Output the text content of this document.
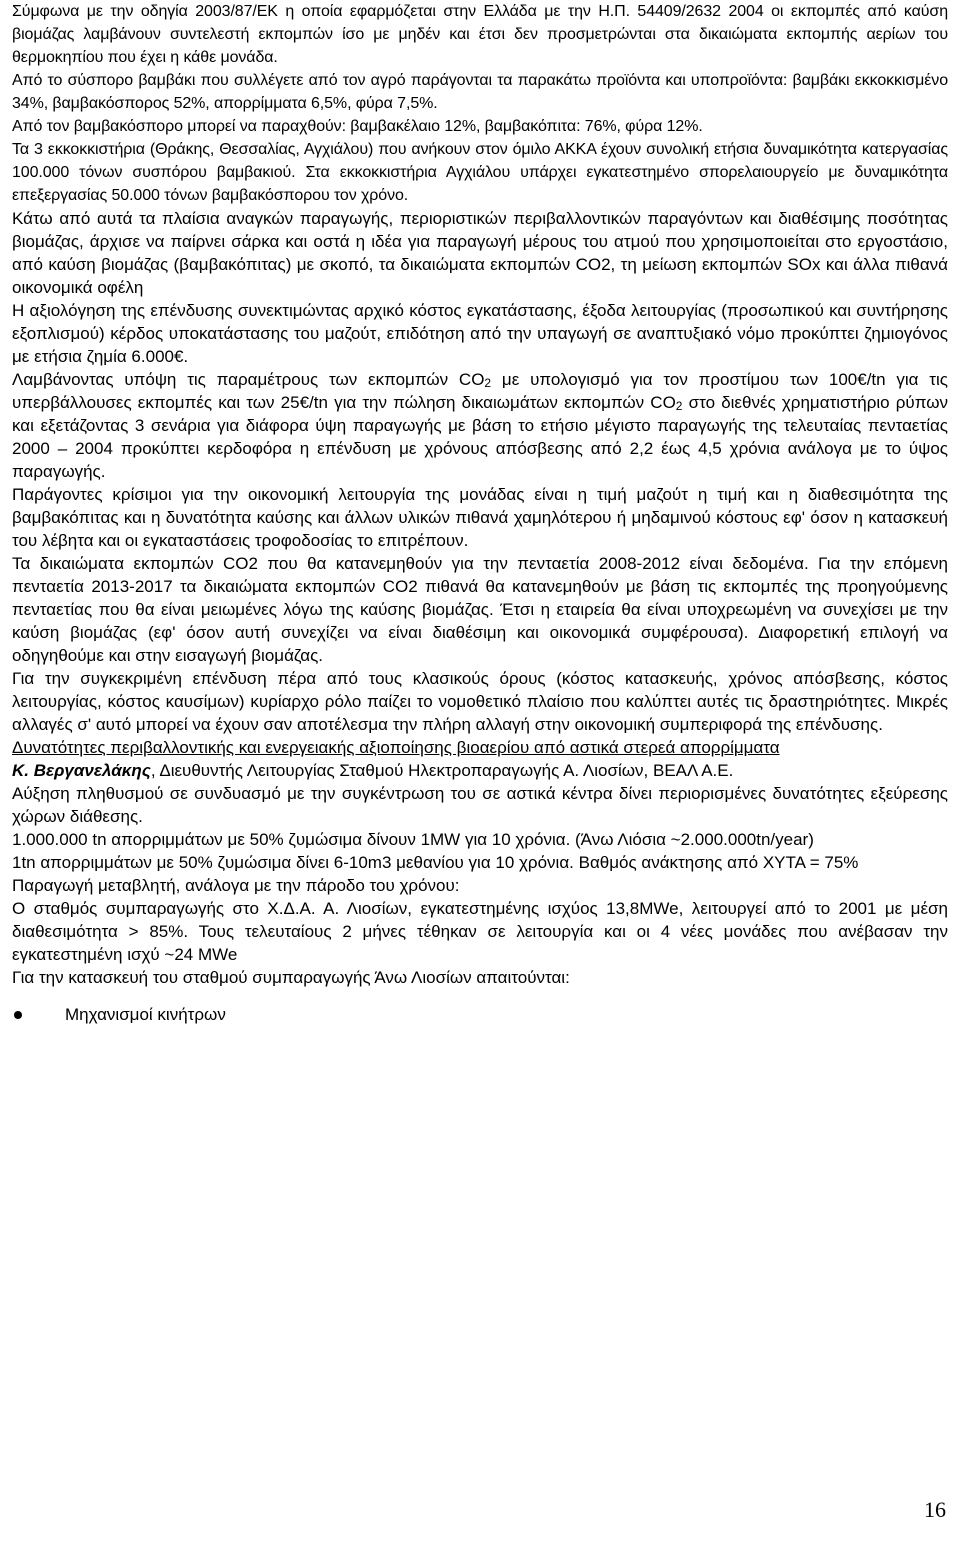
Σύμφωνα με την οδηγία 2003/87/ΕΚ η οποία εφαρμόζεται στην Ελλάδα με την Η.Π. 54409/2632 2004 οι εκπομπές από καύση βιομάζας λαμβάνουν συντελεστή εκπομπών ίσο με μηδέν και έτσι δεν προσμετρώνται στα δικαιώματα εκπομπής αερίων του θερμοκηπίου που έχει η κάθε μονάδα.

Από το σύσπορο βαμβάκι που συλλέγετε από τον αγρό παράγονται τα παρακάτω προϊόντα και υποπροϊόντα: βαμβάκι εκκοκκισμένο 34%, βαμβακόσπορος 52%, απορρίμματα 6,5%, φύρα 7,5%.

Από τον βαμβακόσπορο μπορεί να παραχθούν: βαμβακέλαιο 12%, βαμβακόπιτα: 76%, φύρα 12%.

Τα 3 εκκοκκιστήρια (Θράκης, Θεσσαλίας, Αγχιάλου) που ανήκουν στον όμιλο ΑΚΚΑ έχουν συνολική ετήσια δυναμικότητα κατεργασίας 100.000 τόνων συσπόρου βαμβακιού. Στα εκκοκκιστήρια Αγχιάλου υπάρχει εγκατεστημένο σπορελαιουργείο με δυναμικότητα επεξεργασίας 50.000 τόνων βαμβακόσπορου τον χρόνο.

Κάτω από αυτά τα πλαίσια αναγκών παραγωγής, περιοριστικών περιβαλλοντικών παραγόντων και διαθέσιμης ποσότητας βιομάζας, άρχισε να παίρνει σάρκα και οστά η ιδέα για παραγωγή μέρους του ατμού που χρησιμοποιείται στο εργοστάσιο, από καύση βιομάζας (βαμβακόπιτας) με σκοπό, τα δικαιώματα εκπομπών CO2, τη μείωση εκπομπών SOx και άλλα πιθανά οικονομικά οφέλη

Η αξιολόγηση της επένδυσης συνεκτιμώντας αρχικό κόστος εγκατάστασης, έξοδα λειτουργίας (προσωπικού και συντήρησης εξοπλισμού) κέρδος υποκατάστασης του μαζούτ, επιδότηση από την υπαγωγή σε αναπτυξιακό νόμο προκύπτει ζημιογόνος με ετήσια ζημία 6.000€.

Λαμβάνοντας υπόψη τις παραμέτρους των εκπομπών $CO_2$ με υπολογισμό για τον προστίμου των 100€/tn για τις υπερβάλλουσες εκπομπές και των 25€/tn για την πώληση δικαιωμάτων εκπομπών $CO_2$ στο διεθνές χρηματιστήριο ρύπων και εξετάζοντας 3 σενάρια για διάφορα ύψη παραγωγής με βάση το ετήσιο μέγιστο παραγωγής της τελευταίας πενταετίας 2000 – 2004 προκύπτει κερδοφόρα η επένδυση με χρόνους απόσβεσης από 2,2 έως 4,5 χρόνια ανάλογα με το ύψος παραγωγής.

Παράγοντες κρίσιμοι για την οικονομική λειτουργία της μονάδας είναι η τιμή μαζούτ η τιμή και η διαθεσιμότητα της βαμβακόπιτας και η δυνατότητα καύσης και άλλων υλικών πιθανά χαμηλότερου ή μηδαμινού κόστους εφ' όσον η κατασκευή του λέβητα και οι εγκαταστάσεις τροφοδοσίας το επιτρέπουν.

Τα δικαιώματα εκπομπών CO2 που θα κατανεμηθούν για την πενταετία 2008-2012 είναι δεδομένα. Για την επόμενη πενταετία 2013-2017 τα δικαιώματα εκπομπών CO2 πιθανά θα κατανεμηθούν με βάση τις εκπομπές της προηγούμενης πενταετίας που θα είναι μειωμένες λόγω της καύσης βιομάζας. Έτσι η εταιρεία θα είναι υποχρεωμένη να συνεχίσει με την καύση βιομάζας (εφ' όσον αυτή συνεχίζει να είναι διαθέσιμη και οικονομικά συμφέρουσα). Διαφορετική επιλογή να οδηγηθούμε και στην εισαγωγή βιομάζας.

Για την συγκεκριμένη επένδυση πέρα από τους κλασικούς όρους (κόστος κατασκευής, χρόνος απόσβεσης, κόστος λειτουργίας, κόστος καυσίμων) κυρίαρχο ρόλο παίζει το νομοθετικό πλαίσιο που καλύπτει αυτές τις δραστηριότητες. Μικρές αλλαγές σ' αυτό μπορεί να έχουν σαν αποτέλεσμα την πλήρη αλλαγή στην οικονομική συμπεριφορά της επένδυσης.

Δυνατότητες περιβαλλοντικής και ενεργειακής αξιοποίησης βιοαερίου από αστικά στερεά απορρίμματα

Κ. Βεργανελάκης, Διευθυντής Λειτουργίας Σταθμού Ηλεκτροπαραγωγής Α. Λιοσίων, ΒΕΑΛ Α.Ε.

Αύξηση πληθυσμού σε συνδυασμό με την συγκέντρωση του σε αστικά κέντρα δίνει περιορισμένες δυνατότητες εξεύρεσης χώρων διάθεσης.

1.000.000 tn απορριμμάτων με 50% ζυμώσιμα δίνουν 1MW για 10 χρόνια. (Άνω Λιόσια ~2.000.000tn/year)

1tn απορριμμάτων με 50% ζυμώσιμα δίνει 6-10m3 μεθανίου για 10 χρόνια. Βαθμός ανάκτησης από ΧΥΤΑ = 75%

Παραγωγή μεταβλητή, ανάλογα με την πάροδο του χρόνου:

Ο σταθμός συμπαραγωγής στο Χ.Δ.Α. Α. Λιοσίων, εγκατεστημένης ισχύος 13,8MWe, λειτουργεί από το 2001 με μέση διαθεσιμότητα > 85%. Τους τελευταίους 2 μήνες τέθηκαν σε λειτουργία και οι 4 νέες μονάδες που ανέβασαν την εγκατεστημένη ισχύ ~24 MWe

Για την κατασκευή του σταθμού συμπαραγωγής Άνω Λιοσίων απαιτούνται:

Μηχανισμοί κινήτρων
16
